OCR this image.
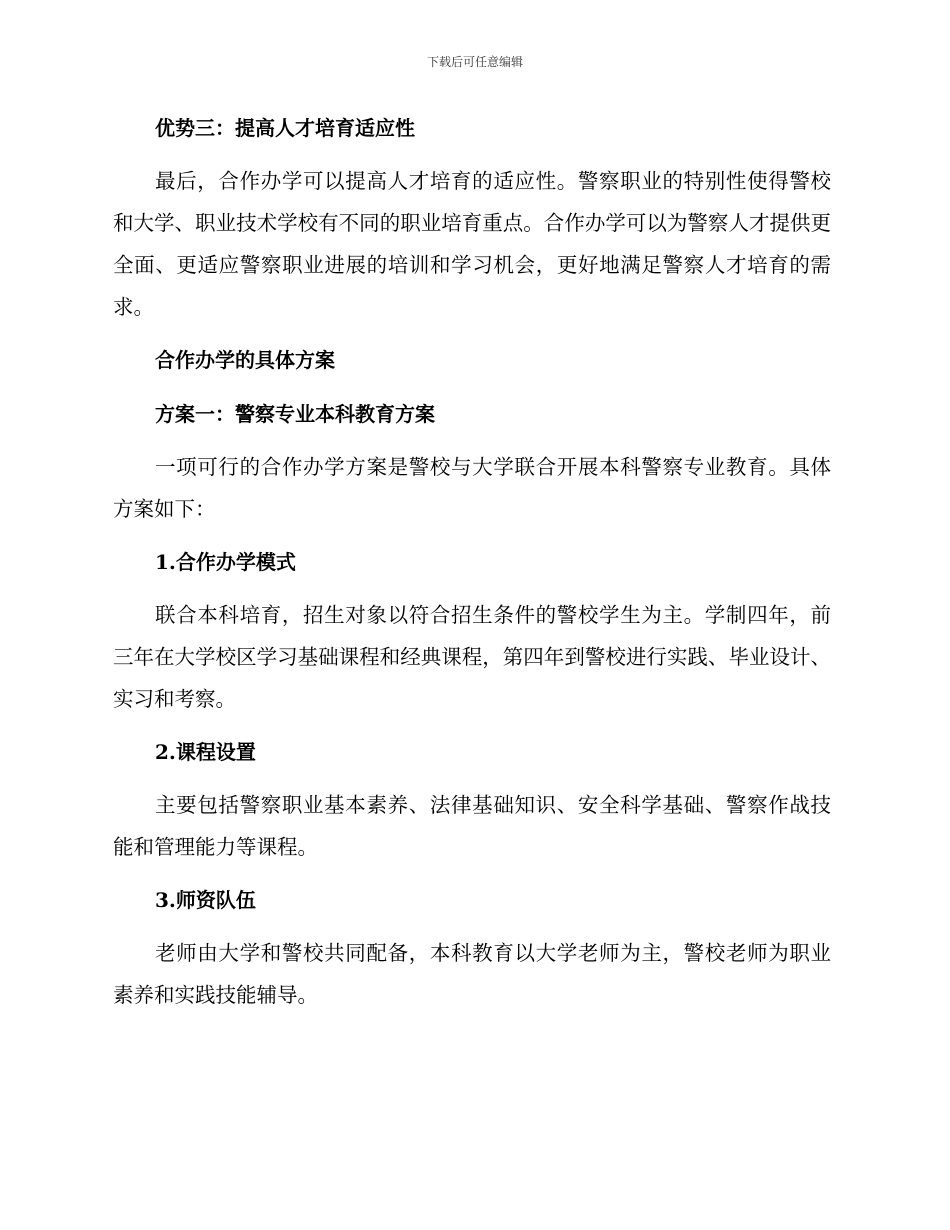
下载后可任意编辑
优势三：提高人才培育适应性

最后，合作办学可以提高人才培育的适应性。警察职业的特别性使得警校和大学、职业技术学校有不同的职业培育重点。合作办学可以为警察人才提供更全面、更适应警察职业进展的培训和学习机会，更好地满足警察人才培育的需求。

合作办学的具体方案
方案一：警察专业本科教育方案

一项可行的合作办学方案是警校与大学联合开展本科警察专业教育。具体方案如下：

1.合作办学模式

联合本科培育，招生对象以符合招生条件的警校学生为主。学制四年，前三年在大学校区学习基础课程和经典课程，第四年到警校进行实践、毕业设计、实习和考察。

2.课程设置

主要包括警察职业基本素养、法律基础知识、安全科学基础、警察作战技能和管理能力等课程。

3.师资队伍

老师由大学和警校共同配备，本科教育以大学老师为主，警校老师为职业素养和实践技能辅导。
